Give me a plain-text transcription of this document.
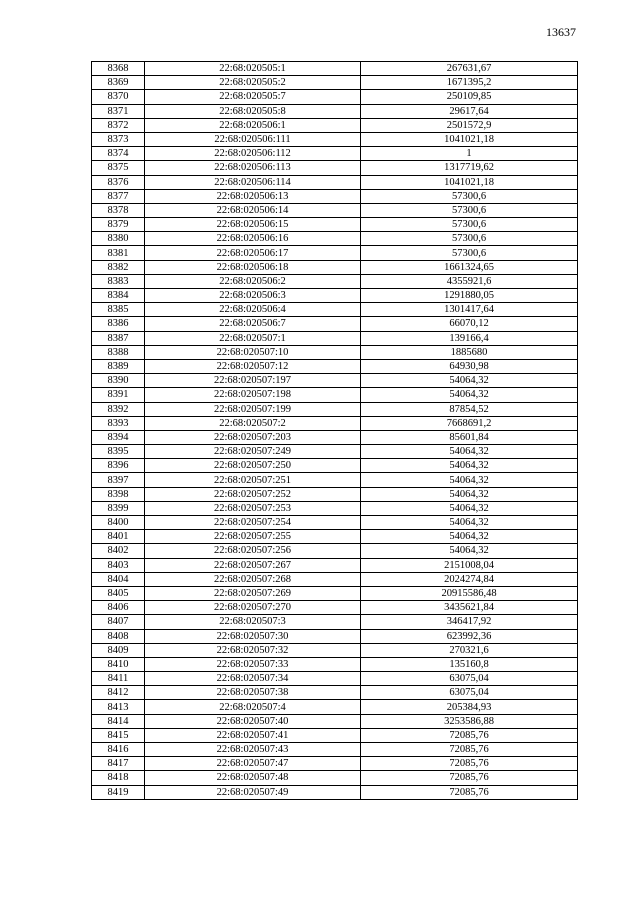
13637
8368	22:68:020505:1	267631,67
8369	22:68:020505:2	1671395,2
8370	22:68:020505:7	250109,85
8371	22:68:020505:8	29617,64
8372	22:68:020506:1	2501572,9
8373	22:68:020506:111	1041021,18
8374	22:68:020506:112	1
8375	22:68:020506:113	1317719,62
8376	22:68:020506:114	1041021,18
8377	22:68:020506:13	57300,6
8378	22:68:020506:14	57300,6
8379	22:68:020506:15	57300,6
8380	22:68:020506:16	57300,6
8381	22:68:020506:17	57300,6
8382	22:68:020506:18	1661324,65
8383	22:68:020506:2	4355921,6
8384	22:68:020506:3	1291880,05
8385	22:68:020506:4	1301417,64
8386	22:68:020506:7	66070,12
8387	22:68:020507:1	139166,4
8388	22:68:020507:10	1885680
8389	22:68:020507:12	64930,98
8390	22:68:020507:197	54064,32
8391	22:68:020507:198	54064,32
8392	22:68:020507:199	87854,52
8393	22:68:020507:2	7668691,2
8394	22:68:020507:203	85601,84
8395	22:68:020507:249	54064,32
8396	22:68:020507:250	54064,32
8397	22:68:020507:251	54064,32
8398	22:68:020507:252	54064,32
8399	22:68:020507:253	54064,32
8400	22:68:020507:254	54064,32
8401	22:68:020507:255	54064,32
8402	22:68:020507:256	54064,32
8403	22:68:020507:267	2151008,04
8404	22:68:020507:268	2024274,84
8405	22:68:020507:269	20915586,48
8406	22:68:020507:270	3435621,84
8407	22:68:020507:3	346417,92
8408	22:68:020507:30	623992,36
8409	22:68:020507:32	270321,6
8410	22:68:020507:33	135160,8
8411	22:68:020507:34	63075,04
8412	22:68:020507:38	63075,04
8413	22:68:020507:4	205384,93
8414	22:68:020507:40	3253586,88
8415	22:68:020507:41	72085,76
8416	22:68:020507:43	72085,76
8417	22:68:020507:47	72085,76
8418	22:68:020507:48	72085,76
8419	22:68:020507:49	72085,76
